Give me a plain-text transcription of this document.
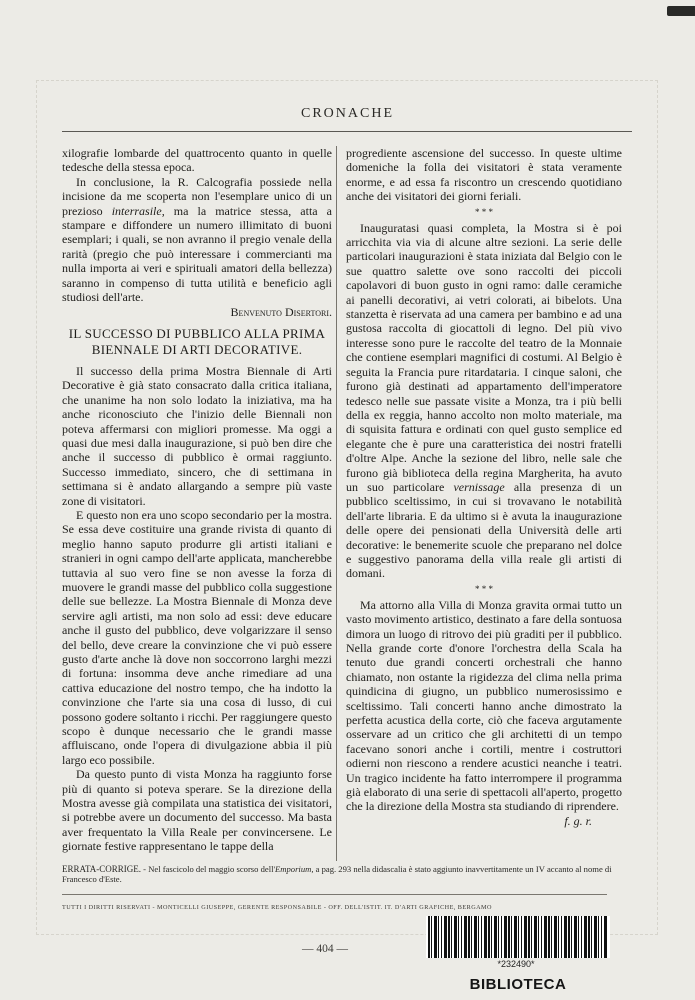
CRONACHE

xilografie lombarde del quattrocento quanto in quelle tedesche della stessa epoca.

In conclusione, la R. Calcografia possiede nella incisione da me scoperta non l'esemplare unico di un prezioso interrasile, ma la matrice stessa, atta a stampare e diffondere un numero illimitato di buoni esemplari; i quali, se non avranno il pregio venale della rarità (pregio che può interessare i commercianti ma nulla importa ai veri e spirituali amatori della bellezza) saranno in compenso di tutta utilità e beneficio agli studiosi dell'arte.

Benvenuto Disertori.

IL SUCCESSO DI PUBBLICO ALLA PRIMA BIENNALE DI ARTI DECORATIVE.

Il successo della prima Mostra Biennale di Arti Decorative è già stato consacrato dalla critica italiana, che unanime ha non solo lodato la iniziativa, ma ha anche riconosciuto che l'inizio delle Biennali non poteva affermarsi con migliori promesse. Ma oggi a quasi due mesi dalla inaugurazione, si può ben dire che anche il successo di pubblico è ormai raggiunto. Successo immediato, sincero, che di settimana in settimana si è andato allargando a sempre più vaste zone di visitatori.

E questo non era uno scopo secondario per la mostra. Se essa deve costituire una grande rivista di quanto di meglio hanno saputo produrre gli artisti italiani e stranieri in ogni campo dell'arte applicata, mancherebbe tuttavia al suo vero fine se non avesse la forza di muovere le grandi masse del pubblico colla suggestione delle sue bellezze. La Mostra Biennale di Monza deve servire agli artisti, ma non solo ad essi: deve educare anche il gusto del pubblico, deve volgarizzare il senso del bello, deve creare la convinzione che vi può essere gusto d'arte anche là dove non soccorrono larghi mezzi di fortuna: insomma deve anche rimediare ad una cattiva educazione del nostro tempo, che ha indotto la convinzione che l'arte sia una cosa di lusso, di cui possono godere soltanto i ricchi. Per raggiungere questo scopo è dunque necessario che le grandi masse affluiscano, onde l'opera di divulgazione abbia il più largo eco possibile.

Da questo punto di vista Monza ha raggiunto forse più di quanto si poteva sperare. Se la direzione della Mostra avesse già compilata una statistica dei visitatori, si potrebbe avere un documento del successo. Ma basta aver frequentato la Villa Reale per convincersene. Le giornate festive rappresentano le tappe della

progrediente ascensione del successo. In queste ultime domeniche la folla dei visitatori è stata veramente enorme, e ad essa fa riscontro un crescendo quotidiano anche dei visitatori dei giorni feriali.

* * *

Inauguratasi quasi completa, la Mostra si è poi arricchita via via di alcune altre sezioni. La serie delle particolari inaugurazioni è stata iniziata dal Belgio con le sue quattro salette ove sono raccolti dei piccoli capolavori di buon gusto in ogni ramo: dalle ceramiche ai panelli decorativi, ai vetri colorati, ai bibelots. Una stanzetta è riservata ad una camera per bambino e ad una gustosa raccolta di giocattoli di legno. Del più vivo interesse sono pure le raccolte del teatro de la Monnaie che contiene esemplari magnifici di costumi. Al Belgio è seguita la Francia pure ritardataria. I cinque saloni, che furono già destinati ad appartamento dell'imperatore tedesco nelle sue passate visite a Monza, tra i più belli della ex reggia, hanno accolto non molto materiale, ma di squisita fattura e ordinati con quel gusto semplice ed elegante che è pure una caratteristica dei nostri fratelli d'oltre Alpe. Anche la sezione del libro, nelle sale che furono già biblioteca della regina Margherita, ha avuto un suo particolare vernissage alla presenza di un pubblico sceltissimo, in cui si trovavano le notabilità dell'arte libraria. E da ultimo si è avuta la inaugurazione delle opere dei pensionati della Università delle arti decorative: le benemerite scuole che preparano nel dolce e suggestivo panorama della villa reale gli artisti di domani.

* * *

Ma attorno alla Villa di Monza gravita ormai tutto un vasto movimento artistico, destinato a fare della sontuosa dimora un luogo di ritrovo dei più graditi per il pubblico. Nella grande corte d'onore l'orchestra della Scala ha tenuto due grandi concerti orchestrali che hanno chiamato, non ostante la rigidezza del clima nella prima quindicina di giugno, un pubblico numerosissimo e sceltissimo. Tali concerti hanno anche dimostrato la perfetta acustica della corte, ciò che faceva argutamente osservare ad un critico che gli architetti di un tempo facevano sonori anche i cortili, mentre i costruttori odierni non riescono a rendere acustici neanche i teatri. Un tragico incidente ha fatto interrompere il programma già elaborato di una serie di spettacoli all'aperto, progetto che la direzione della Mostra sta studiando di riprendere.

f. g. r.

ERRATA-CORRIGE. - Nel fascicolo del maggio scorso dell'Emporium, a pag. 293 nella didascalia è stato aggiunto inavvertitamente un IV accanto al nome di Francesco d'Este.
TUTTI I DIRITTI RISERVATI - MONTICELLI GIUSEPPE, GERENTE RESPONSABILE - OFF. DELL'ISTIT. IT. D'ARTI GRAFICHE, BERGAMO
— 404 —
*232490*
BIBLIOTECA
